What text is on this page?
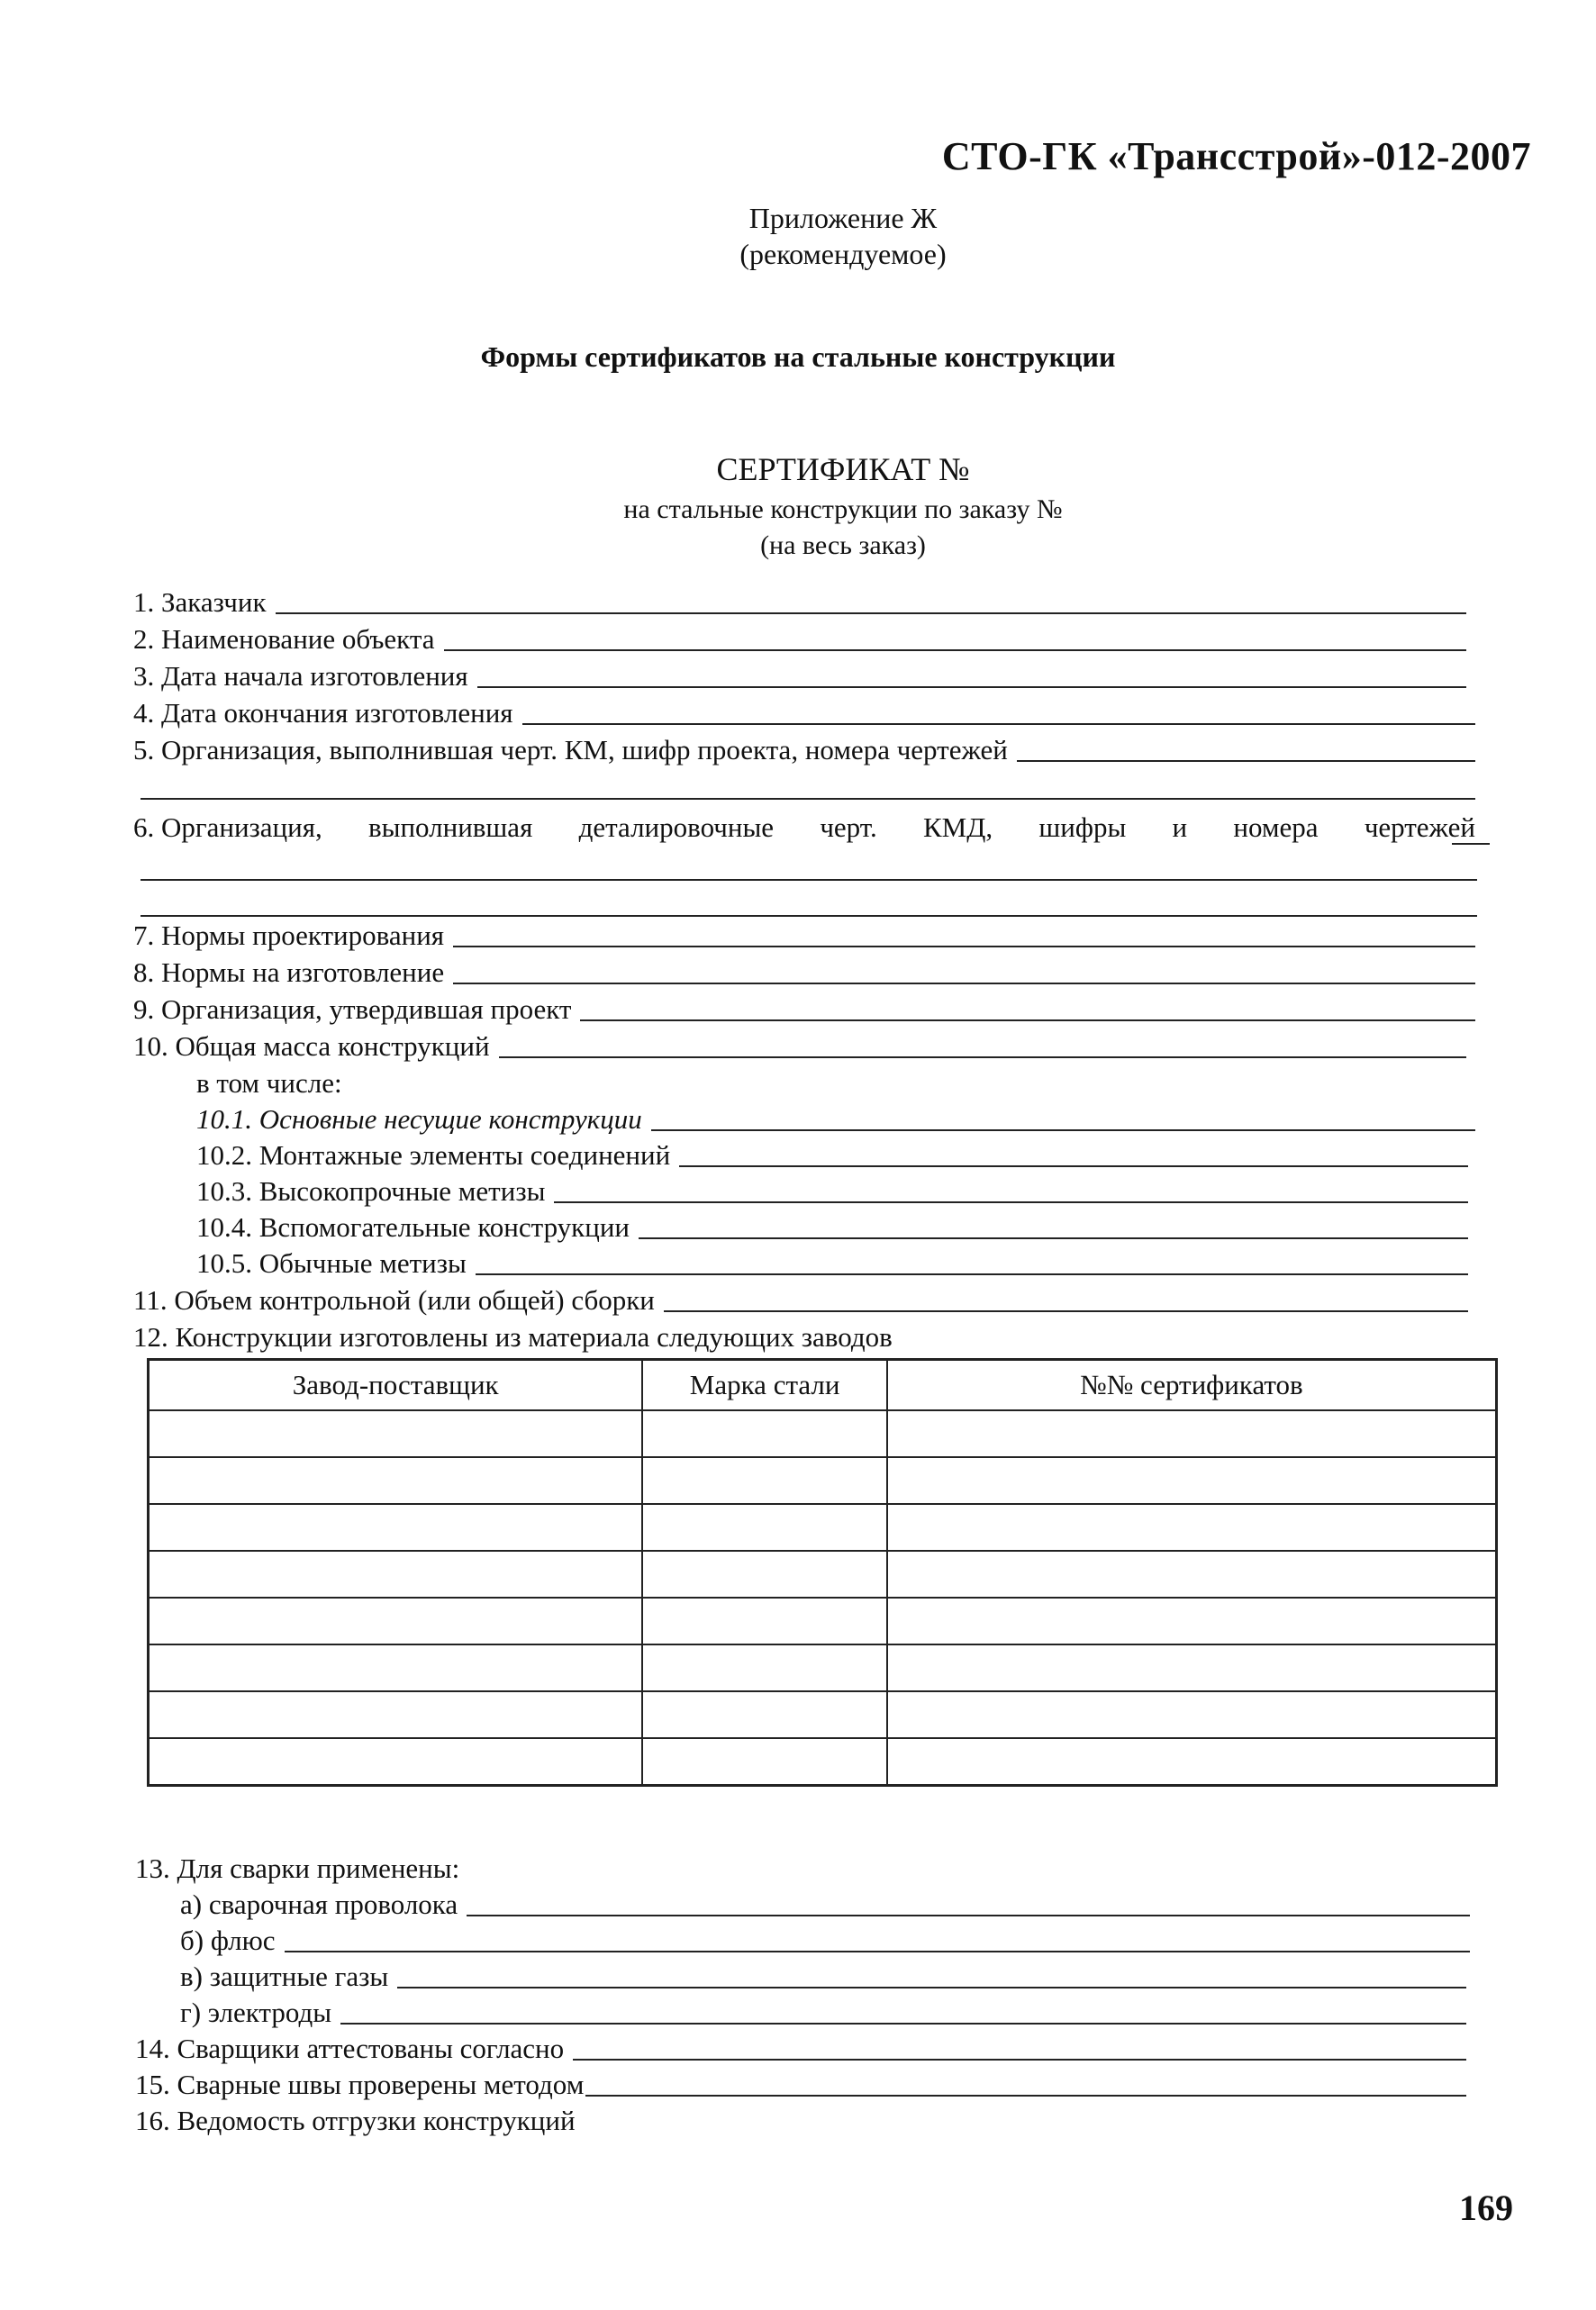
СТО-ГК «Трансстрой»-012-2007
Приложение Ж
(рекомендуемое)
Формы сертификатов на стальные конструкции
СЕРТИФИКАТ №
на стальные конструкции по заказу №
(на весь заказ)
1. Заказчик
2. Наименование объекта
3. Дата начала изготовления
4. Дата окончания изготовления
5. Организация, выполнившая черт. КМ, шифр проекта, номера чертежей
6. Организация, выполнившая деталировочные черт. КМД, шифры и номера чертежей
7. Нормы проектирования
8. Нормы на изготовление
9. Организация, утвердившая проект
10. Общая масса конструкций
в том числе:
10.1. Основные несущие конструкции
10.2. Монтажные элементы соединений
10.3. Высокопрочные метизы
10.4. Вспомогательные конструкции
10.5. Обычные метизы
11. Объем контрольной (или общей) сборки
12. Конструкции изготовлены из материала следующих заводов
Завод-поставщик	Марка стали	№№ сертификатов

13. Для сварки применены:
а) сварочная проволока
б) флюс
в) защитные газы
г) электроды
14. Сварщики аттестованы согласно
15. Сварные швы проверены методом
16. Ведомость отгрузки конструкций
169
